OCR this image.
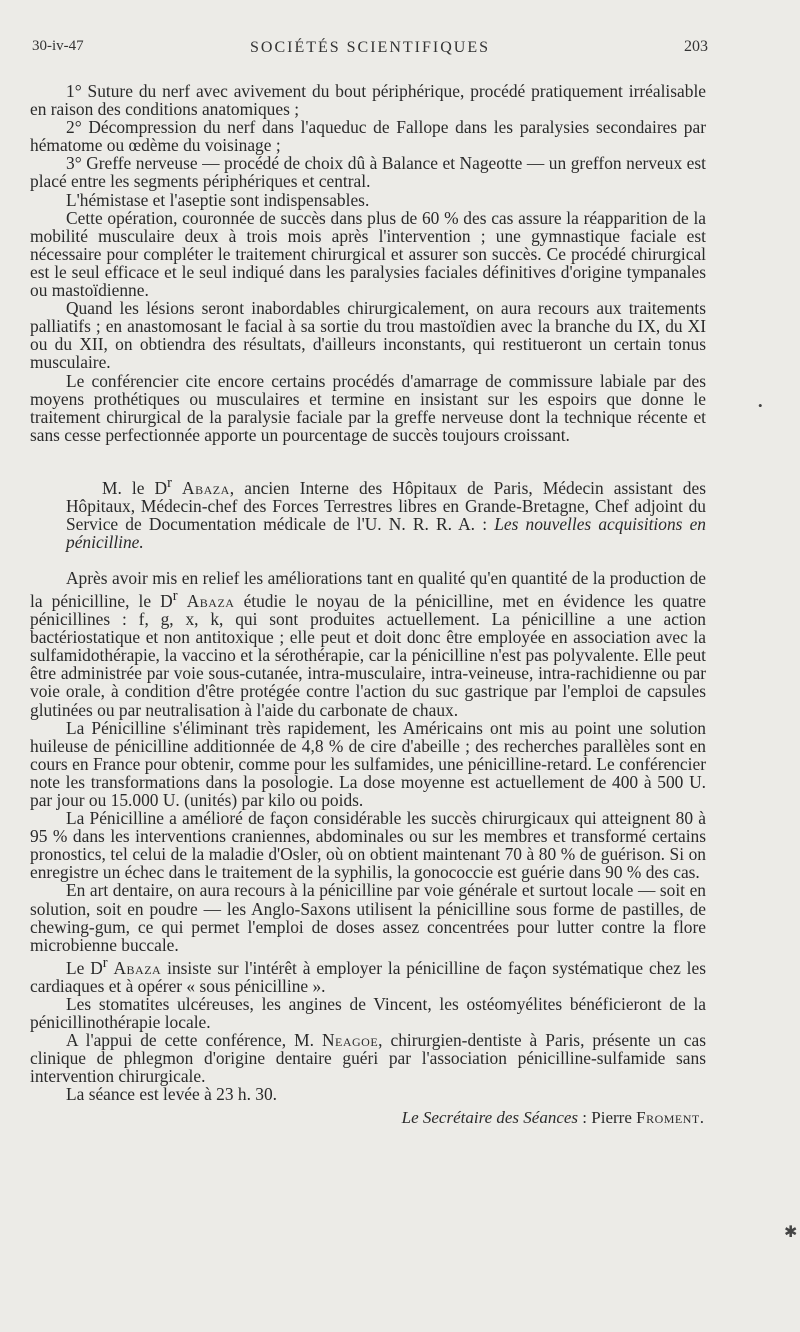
30-iv-47	SOCIÉTÉS SCIENTIFIQUES	203

1° Suture du nerf avec avivement du bout périphérique, procédé pratiquement irréalisable en raison des conditions anatomiques ;

2° Décompression du nerf dans l'aqueduc de Fallope dans les paralysies secondaires par hématome ou œdème du voisinage ;

3° Greffe nerveuse — procédé de choix dû à Balance et Nageotte — un greffon nerveux est placé entre les segments périphériques et central.

L'hémistase et l'aseptie sont indispensables.

Cette opération, couronnée de succès dans plus de 60 % des cas assure la réapparition de la mobilité musculaire deux à trois mois après l'intervention ; une gymnastique faciale est nécessaire pour compléter le traitement chirurgical et assurer son succès. Ce procédé chirurgical est le seul efficace et le seul indiqué dans les paralysies faciales définitives d'origine tympanales ou mastoïdienne.

Quand les lésions seront inabordables chirurgicalement, on aura recours aux traitements palliatifs ; en anastomosant le facial à sa sortie du trou mastoïdien avec la branche du IX, du XI ou du XII, on obtiendra des résultats, d'ailleurs inconstants, qui restitueront un certain tonus musculaire.

Le conférencier cite encore certains procédés d'amarrage de commissure labiale par des moyens prothétiques ou musculaires et termine en insistant sur les espoirs que donne le traitement chirurgical de la paralysie faciale par la greffe nerveuse dont la technique récente et sans cesse perfectionnée apporte un pourcentage de succès toujours croissant.

M. le $D^r$ Abaza, ancien Interne des Hôpitaux de Paris, Médecin assistant des Hôpitaux, Médecin-chef des Forces Terrestres libres en Grande-Bretagne, Chef adjoint du Service de Documentation médicale de l'U. N. R. R. A. : Les nouvelles acquisitions en pénicilline.

Après avoir mis en relief les améliorations tant en qualité qu'en quantité de la production de la pénicilline, le $D^r$ Abaza étudie le noyau de la pénicilline, met en évidence les quatre pénicillines : f, g, x, k, qui sont produites actuellement. La pénicilline a une action bactériostatique et non antitoxique ; elle peut et doit donc être employée en association avec la sulfamidothérapie, la vaccino et la sérothérapie, car la pénicilline n'est pas polyvalente. Elle peut être administrée par voie sous-cutanée, intra-musculaire, intra-veineuse, intra-rachidienne ou par voie orale, à condition d'être protégée contre l'action du suc gastrique par l'emploi de capsules glutinées ou par neutralisation à l'aide du carbonate de chaux.

La Pénicilline s'éliminant très rapidement, les Américains ont mis au point une solution huileuse de pénicilline additionnée de 4,8 % de cire d'abeille ; des recherches parallèles sont en cours en France pour obtenir, comme pour les sulfamides, une pénicilline-retard. Le conférencier note les transformations dans la posologie. La dose moyenne est actuellement de 400 à 500 U. par jour ou 15.000 U. (unités) par kilo ou poids.

La Pénicilline a amélioré de façon considérable les succès chirurgicaux qui atteignent 80 à 95 % dans les interventions craniennes, abdominales ou sur les membres et transformé certains pronostics, tel celui de la maladie d'Osler, où on obtient maintenant 70 à 80 % de guérison. Si on enregistre un échec dans le traitement de la syphilis, la gonococcie est guérie dans 90 % des cas.

En art dentaire, on aura recours à la pénicilline par voie générale et surtout locale — soit en solution, soit en poudre — les Anglo-Saxons utilisent la pénicilline sous forme de pastilles, de chewing-gum, ce qui permet l'emploi de doses assez concentrées pour lutter contre la flore microbienne buccale.

Le $D^r$ Abaza insiste sur l'intérêt à employer la pénicilline de façon systématique chez les cardiaques et à opérer « sous pénicilline ».

Les stomatites ulcéreuses, les angines de Vincent, les ostéomyélites bénéficieront de la pénicillinothérapie locale.

A l'appui de cette conférence, M. Neagoe, chirurgien-dentiste à Paris, présente un cas clinique de phlegmon d'origine dentaire guéri par l'association pénicilline-sulfamide sans intervention chirurgicale.

La séance est levée à 23 h. 30.

Le Secrétaire des Séances : Pierre Froment.
•
✱
